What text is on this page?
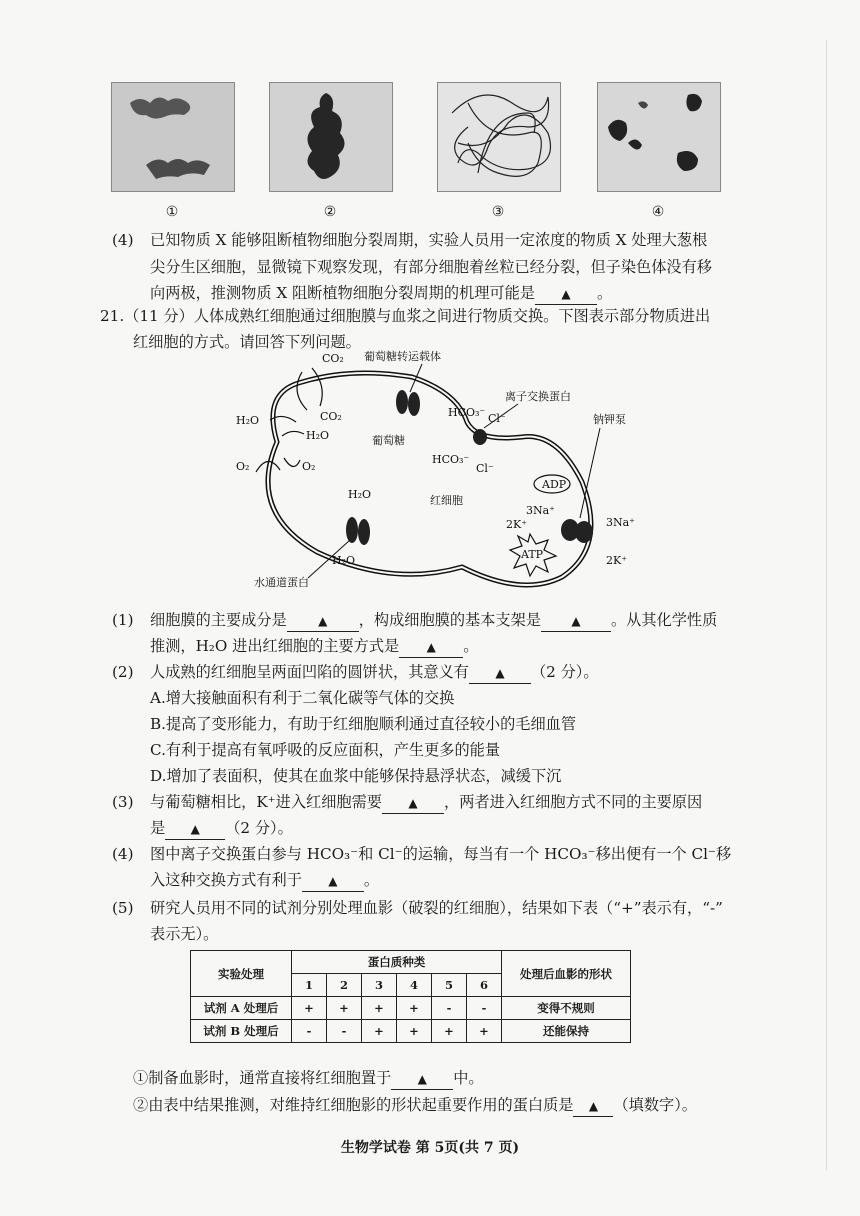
①	②	③	④
(4) 已知物质 X 能够阻断植物细胞分裂周期，实验人员用一定浓度的物质 X 处理大葱根
尖分生区细胞，显微镜下观察发现，有部分细胞着丝粒已经分裂，但子染色体没有移
向两极，推测物质 X 阻断植物细胞分裂周期的机理可能是 ▲ 。
21.（11 分）人体成熟红细胞通过细胞膜与血浆之间进行物质交换。下图表示部分物质进出
红细胞的方式。请回答下列问题。
CO₂
CO₂
H₂O
H₂O
O₂	O₂
葡萄糖转运载体
葡萄糖
离子交换蛋白
HCO₃⁻ Cl⁻
HCO₃⁻
Cl⁻
钠钾泵
ADP
3Na⁺
2K⁺	3Na⁺
2K⁺
ATP
红细胞
H₂O
H₂O
水通道蛋白
(1) 细胞膜的主要成分是	▲ ，构成细胞膜的基本支架是	▲ 。从其化学性质
推测，H₂O 进出红细胞的主要方式是 ▲ 。
(2) 人成熟的红细胞呈两面凹陷的圆饼状，其意义有 ▲ （2 分）。
A.增大接触面积有利于二氧化碳等气体的交换
B.提高了变形能力，有助于红细胞顺利通过直径较小的毛细血管
C.有利于提高有氧呼吸的反应面积，产生更多的能量
D.增加了表面积，使其在血浆中能够保持悬浮状态，减缓下沉
(3) 与葡萄糖相比，K⁺进入红细胞需要 ▲ ，两者进入红细胞方式不同的主要原因
是 ▲ （2 分）。
(4) 图中离子交换蛋白参与 HCO₃⁻和 Cl⁻的运输，每当有一个 HCO₃⁻移出便有一个 Cl⁻移
入这种交换方式有利于 ▲ 。
(5) 研究人员用不同的试剂分别处理血影（破裂的红细胞），结果如下表（“+”表示有，“-”
表示无）。
实验处理	蛋白质种类						处理后血影的形状
	1	2	3	4	5	6	
试剂 A 处理后	+	+	+	+	-	-	变得不规则
试剂 B 处理后	-	-	+	+	+	+	还能保持
①制备血影时，通常直接将红细胞置于 ▲ 中。
②由表中结果推测，对维持红细胞影的形状起重要作用的蛋白质是 ▲ （填数字）。
生物学试卷 第 5页(共 7 页)
